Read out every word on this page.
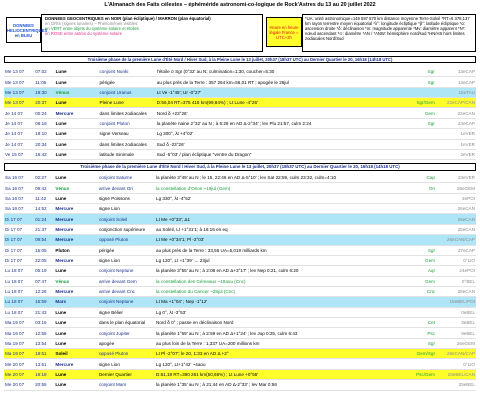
L'Almanach des Faits célestes – éphéméride astronomi-co-logique de Rock'Astres du 13 au 20 juillet 2022
DONNEES HELIOCENTRIQUES en BLEU
DONNEES GEOCENTRIQUES en NOIR (plan écliptique) / MARRON (plan équatorial)
en GRIS (signes lunaires) – Phénomènes visibles:
en VERT entre objets du système solaire et étoiles
en ROSE entre astres du système solaire
Heure en heure légale France = UTC+2h
*UA: unité astronomique=149 597 870 km distance moyenne Terre-Soleil *RT=6 378,137 km rayon terrestre moyen équatorial *λ°: longitude écliptique *β°: latitude écliptique *α: ascension droite *δ: déclinaison *m: magnitude apparente *Mv: diamètre apparent *N*: nœud ascendant *⊙: diamètre *AN / *ANW: hémisphère nord/sud *HN/HS hors limites zodiacales Nord/Sud
Troisième phase de la première Lune d'Été Nord / Hiver Sud, à la Pleine Lune le 13 juillet, 20h37 (18h37 UTC) au Dernier Quartier le 20, 16h18 (14h18 UTC)
Me 13 07	07:02	Lune	conjoint Nunki	l'étoile σ Sgr (0°32' au N; culmination=1:30, coucher=5:30	Sgr	13eCAP
Me 13 07	11:05	Lune	périgée	au plus près de la Terre : 357 264 km=56,01 RT ; apogée le 26jul	Sgr	14eCAP
Me 13 07	19:30	Vénus	conjoint Uranus	Lt Ve -1°45'; Ur -0°27'		15eTAU
Me 13 07	20:37	Lune	Pleine Lune	D:56,04 RT=375 418 km(99,84%) ; Lt Lune -4°25'	Sgr/Gem	22eCAP/CAN
Je 14 07	00:24	Mercure	dans limites zodiacales	Nord δ +23°26'	Gem	22eCAN
Je 14 07	06:16	Lune	conjoint Pluton	la planète naine 2°32' au N ; à 5:29 en AD Δ-2°34' ; lev Plu 21:57, culm 2:24	Sgr	23eCAP
Je 14 07	18:10	Lune	signe Verseau	Lg 300°, λt +4°02'		1eVER
Je 14 07	20:34	Lune	dans limites zodiacales	Sud δ -23°26'		1eVER
Ve 15 07	16:42	Lune	latitude minimale	Sud -5°03' / plan écliptique "ventre du Dragon"		2eVER
Troisième phase de la première Lune d'Été Nord / Hiver Sud, à la Pleine Lune le 13 juillet, 20h37 (18h37 UTC) au Dernier Quartier le 20, 16h18 (14h18 UTC)
Sa 16 07	02:27	Lune	conjoint Saturne	la planète 3°49' au N ; le 15, 22:46 en AD Δ-5°10' ; lev Sat 22:59, culm 23:32, culm=4:10	Cap	23eVER
Sa 16 07	09:42	Vénus	arrive devant Ori	la constellation d'Orion ~19jul (Gem)	Ori	28eGEM
Sa 16 07	11:42	Lune	signe Poissons	Lg 330°, λt -4°52'		2ePOI
Sa 16 07	14:52	Mercure	signe Lion			26eCAN
Di 17 07	01:24	Mercure	conjoint Soleil	Lt Me +0°33'; Δ1		25eCAN
Di 17 07	21:37	Mercure	conjonction supérieure	au Soleil, Lt +1°31'1; à 16:16 en eq		25eCAN
Di 17 07	09:54	Mercure	opposé Pluton	Lt Me +0°34'1; Pl -2°03'		26eCAN/CAP
Di 17 07	15:05	Pluton	périgée	au plus près de la Terre : 33,55 UA=5,019 milliards km	Sgr	27eCAP
Di 17 07	22:05	Mercure	signe Lion	Lg 120°, Lt +1°39' → 23jul	Gem	0°LIO
Lu 18 07	05:19	Lune	conjoint Neptune	la planète 3°55' au N ; à 2:08 en AD Δ+3°17' ; lev Nep 0:21, culm 6:20	Aqr	24ePOI
Lu 18 07	07:47	Vénus	arrive devant Gem	la constellation des Gémeaux ~10aou (Cnc)	Gem	0°BEL
Lu 18 07	12:26	Mercure	arrive devant Cnc	la constellation du Cancer ~28jul (Cnc)	Cnc	28eCAN
Lu 18 07	15:59	Mars	conjoint Neptune	Lt Ma +1°04' ; Nep -1°12'		15eBEL/POI
Lu 18 07	21:43	Lune	signe Bélier	Lg 0°, λt -3°53'		0eBEL
Ma 19 07	03:16	Lune	dans le plan équatorial	Nord δ 0° ; passe en déclinaison Nord	Cet	3eBEL
Ma 19 07	12:55	Lune	conjoint Jupiter	la planète 1°59' au N ; à 2:59 en AD Δ+1°24' ; lev Jup 0:25, culm 6:43	Psc	9eBEL
Ma 19 07	13:54	Lune	apogée	au plus loin de la Terre : 1,337 UA=200 millions km	Sgr	26eGEM
Ma 19 07	19:51	Soleil	opposé Pluton	Lt Pl -2°07'; le 20, 1:33 en AD Δ +2°	Gem/Sgr	28eCAN/CAP
Me 20 07	13:51	Mercure	signe Lion	Lg 120°, Lt+1°42' ~4aou		0°LIO
Me 20 07	16:18	Lune	Dernier Quartier	D:61,19 RT=390 261 km(50,66%) ; Lt Lune +0°55'	Psc/Gem	28eBEL/CAN
Me 20 07	20:55	Lune	conjoint Mars	la planète 1°35' au N ; à 21:44 en AD Δ-2°33' ; lev Mar 0:56		25eBEL
